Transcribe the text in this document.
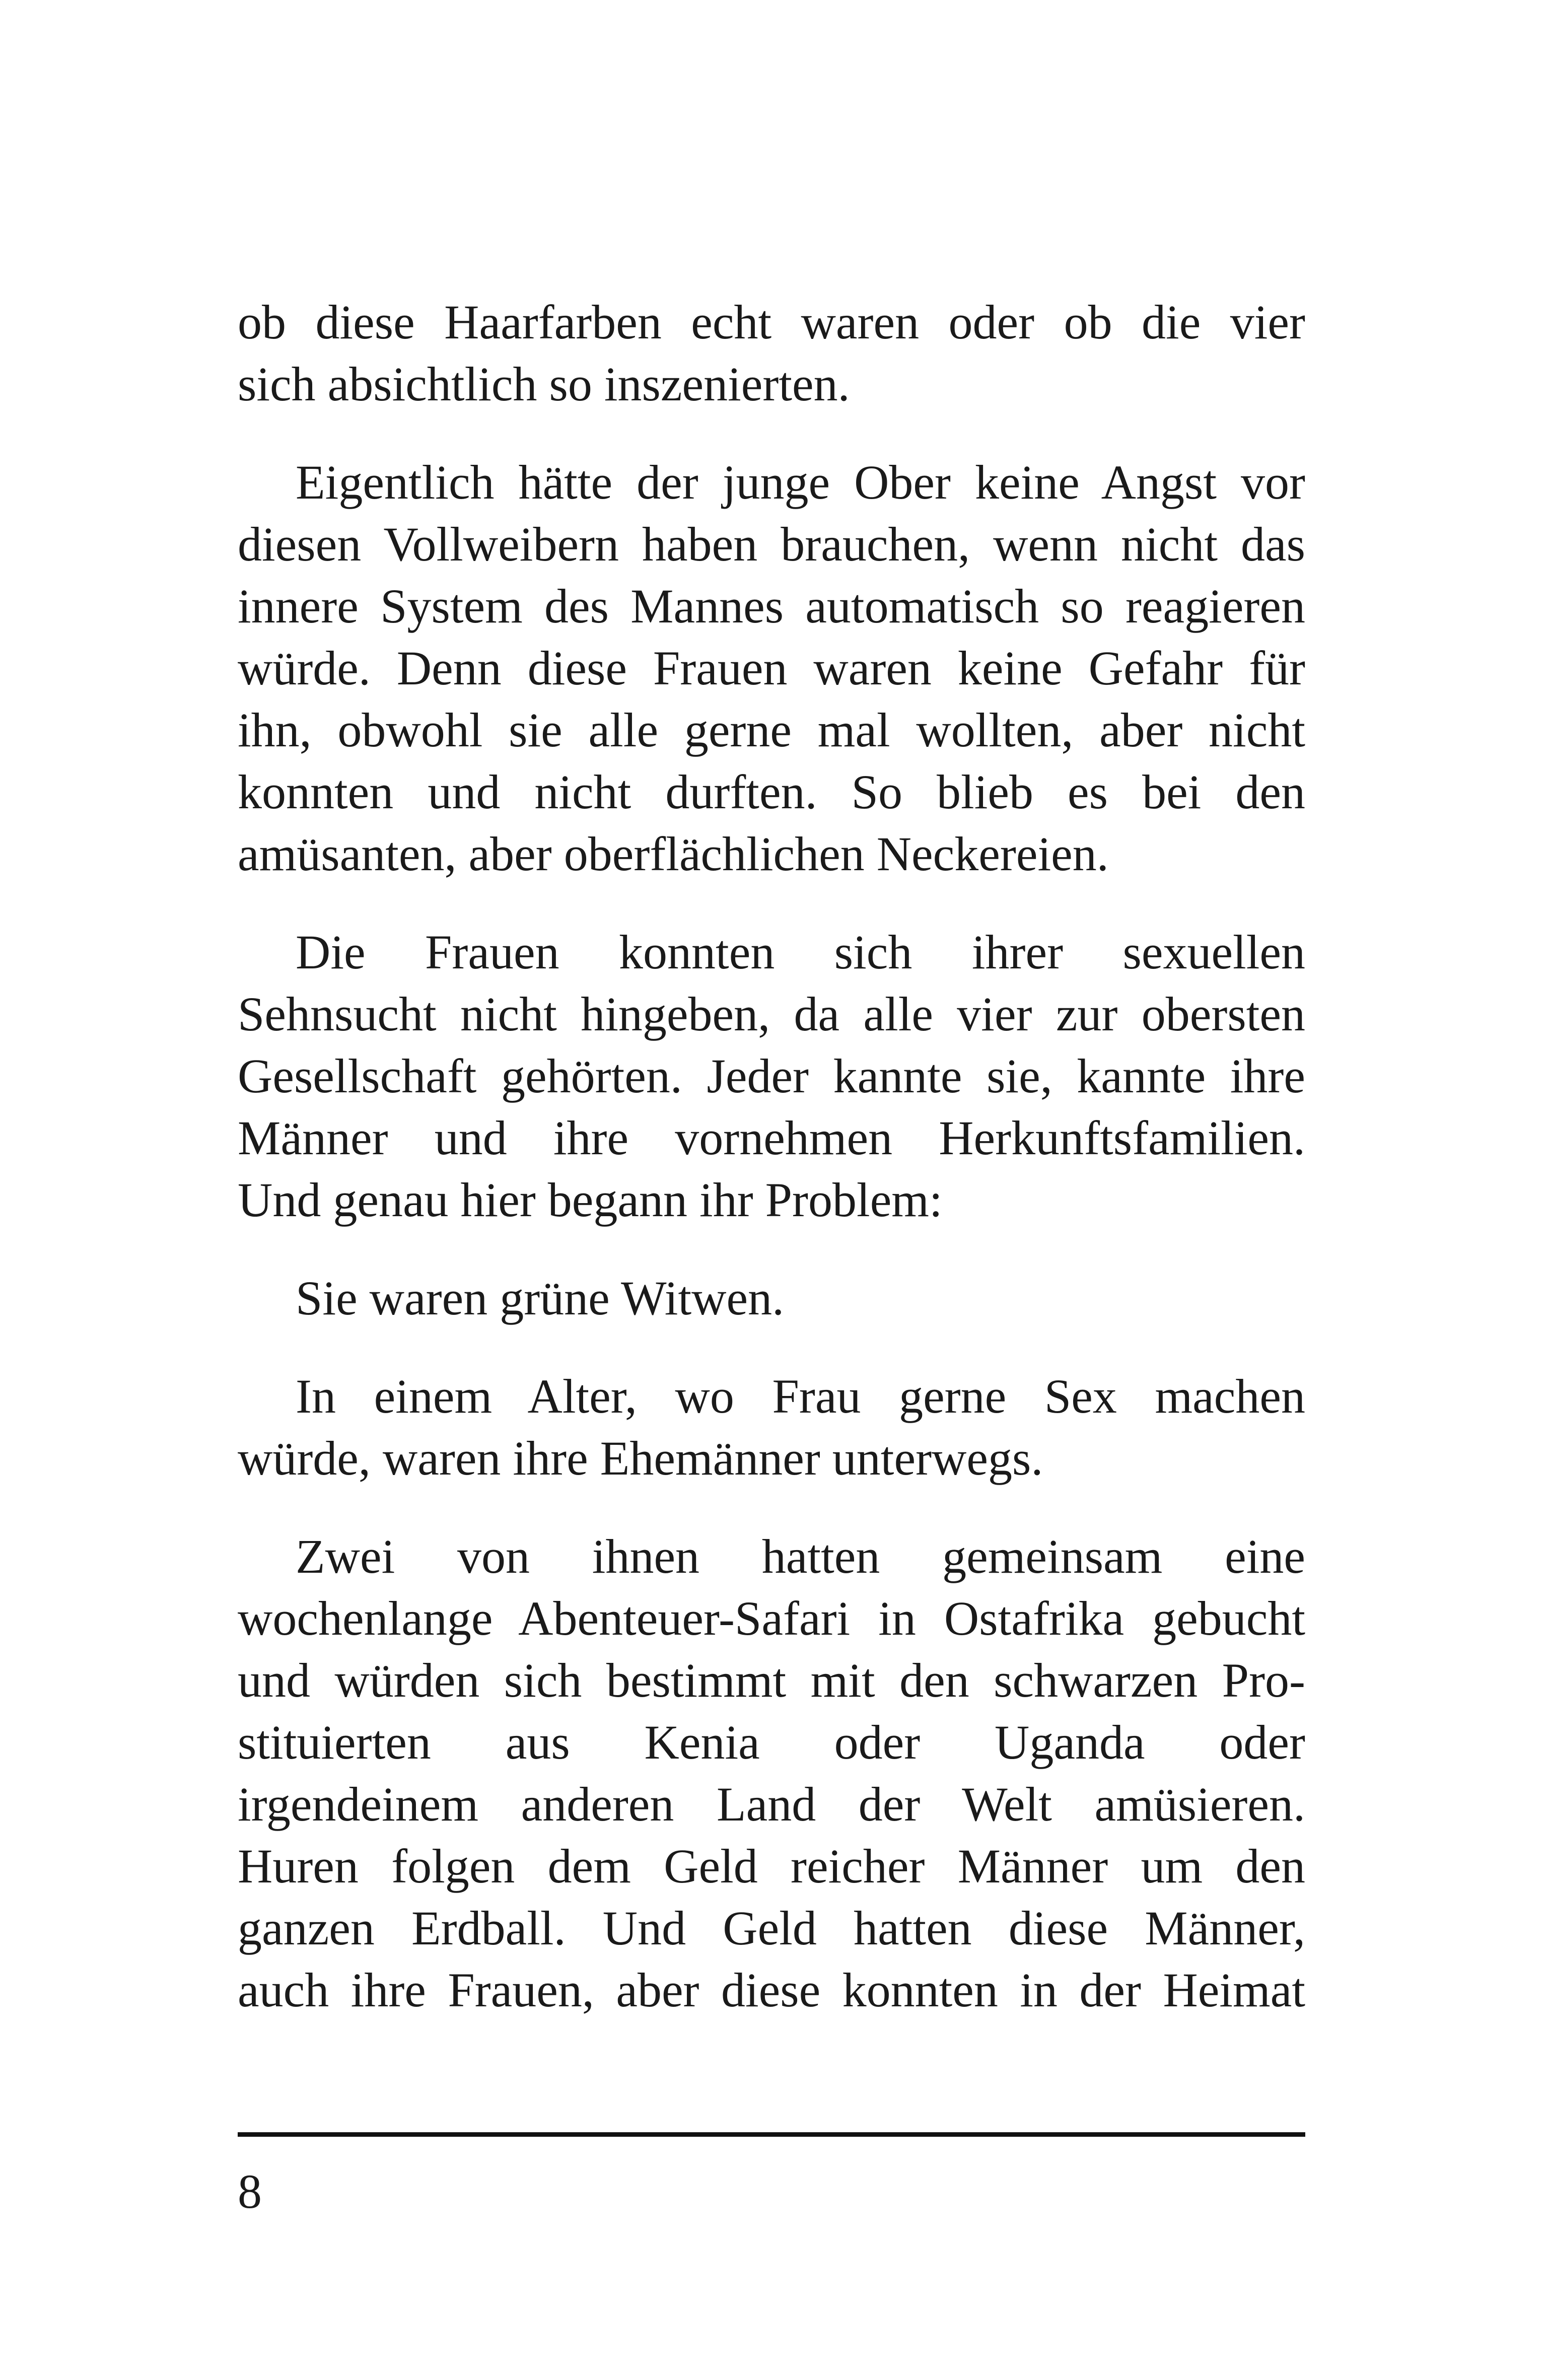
ob diese Haarfarben echt waren oder ob die vier
sich absichtlich so inszenierten.

Eigentlich hätte der junge Ober keine Angst vor
diesen Vollweibern haben brauchen, wenn nicht das
innere System des Mannes automatisch so reagieren
würde. Denn diese Frauen waren keine Gefahr für
ihn, obwohl sie alle gerne mal wollten, aber nicht
konnten und nicht durften. So blieb es bei den
amüsanten, aber oberflächlichen Neckereien.

Die Frauen konnten sich ihrer sexuellen
Sehnsucht nicht hingeben, da alle vier zur obersten
Gesellschaft gehörten. Jeder kannte sie, kannte ihre
Männer und ihre vornehmen Herkunftsfamilien.
Und genau hier begann ihr Problem:

Sie waren grüne Witwen.

In einem Alter, wo Frau gerne Sex machen
würde, waren ihre Ehemänner unterwegs.

Zwei von ihnen hatten gemeinsam eine
wochenlange Abenteuer-Safari in Ostafrika gebucht
und würden sich bestimmt mit den schwarzen Pro-
stituierten aus Kenia oder Uganda oder
irgendeinem anderen Land der Welt amüsieren.
Huren folgen dem Geld reicher Männer um den
ganzen Erdball. Und Geld hatten diese Männer,
auch ihre Frauen, aber diese konnten in der Heimat

8
